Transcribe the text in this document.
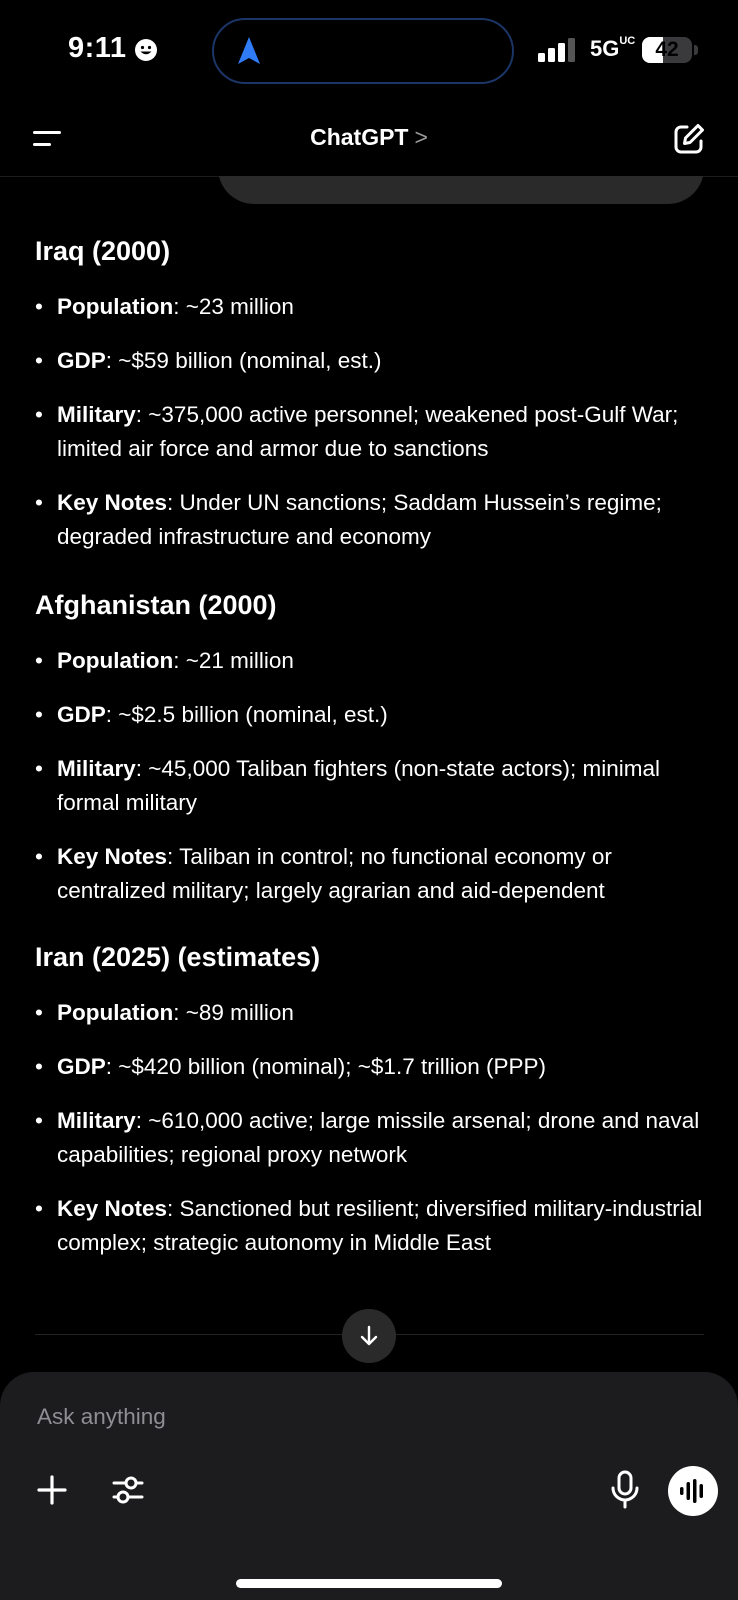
9:11	5GUC 42
ChatGPT >
Iraq (2000)
• Population: ~23 million
• GDP: ~$59 billion (nominal, est.)
• Military: ~375,000 active personnel; weakened post-Gulf War; limited air force and armor due to sanctions
• Key Notes: Under UN sanctions; Saddam Hussein’s regime; degraded infrastructure and economy
Afghanistan (2000)
• Population: ~21 million
• GDP: ~$2.5 billion (nominal, est.)
• Military: ~45,000 Taliban fighters (non-state actors); minimal formal military
• Key Notes: Taliban in control; no functional economy or centralized military; largely agrarian and aid-dependent
Iran (2025) (estimates)
• Population: ~89 million
• GDP: ~$420 billion (nominal); ~$1.7 trillion (PPP)
• Military: ~610,000 active; large missile arsenal; drone and naval capabilities; regional proxy network
• Key Notes: Sanctioned but resilient; diversified military-industrial complex; strategic autonomy in Middle East
Ask anything
